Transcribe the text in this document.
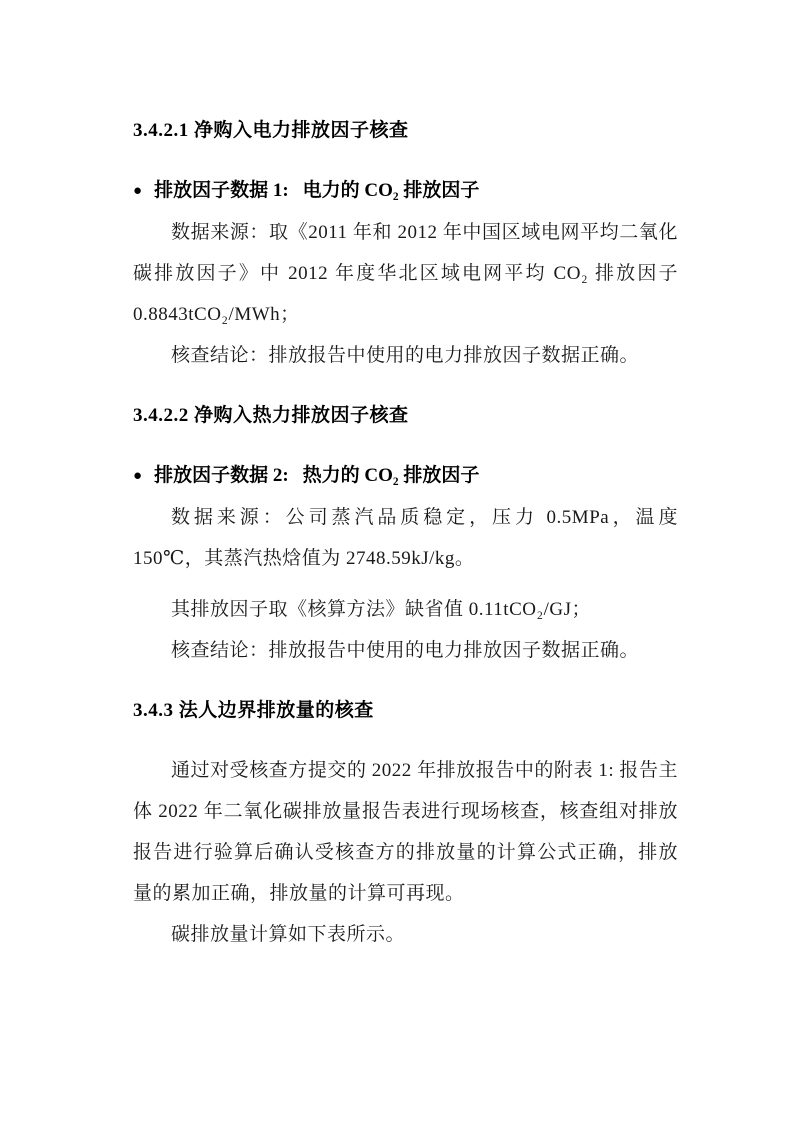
3.4.2.1 净购入电力排放因子核查
● 排放因子数据 1: 电力的 CO₂ 排放因子

数据来源：取《2011 年和 2012 年中国区域电网平均二氧化碳排放因子》中 2012 年度华北区域电网平均 CO₂ 排放因子 0.8843tCO₂/MWh；

核查结论：排放报告中使用的电力排放因子数据正确。

3.4.2.2 净购入热力排放因子核查
● 排放因子数据 2: 热力的 CO₂ 排放因子

数据来源：公司蒸汽品质稳定，压力 0.5MPa，温度 150℃，其蒸汽热焓值为 2748.59kJ/kg。

其排放因子取《核算方法》缺省值 0.11tCO₂/GJ；

核查结论：排放报告中使用的电力排放因子数据正确。

3.4.3 法人边界排放量的核查

通过对受核查方提交的 2022 年排放报告中的附表 1: 报告主体 2022 年二氧化碳排放量报告表进行现场核查，核查组对排放报告进行验算后确认受核查方的排放量的计算公式正确，排放量的累加正确，排放量的计算可再现。

碳排放量计算如下表所示。
